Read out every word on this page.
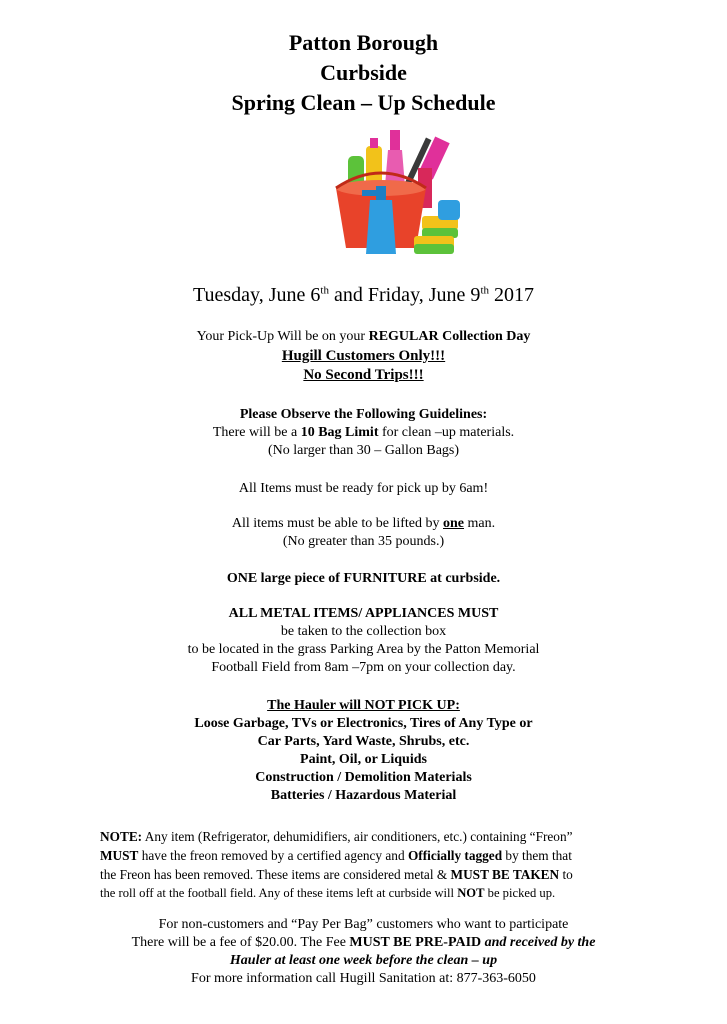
Patton Borough
Curbside
Spring Clean – Up Schedule
Tuesday, June 6th and Friday, June 9th 2017
Your Pick-Up Will be on your REGULAR Collection Day
Hugill Customers Only!!!
No Second Trips!!!
Please Observe the Following Guidelines:
There will be a 10 Bag Limit for clean –up materials.
(No larger than 30 – Gallon Bags)
All Items must be ready for pick up by 6am!
All items must be able to be lifted by one man.
(No greater than 35 pounds.)
ONE large piece of FURNITURE at curbside.
ALL METAL ITEMS/ APPLIANCES MUST
be taken to the collection box
to be located in the grass Parking Area by the Patton Memorial
Football Field from 8am –7pm on your collection day.
The Hauler will NOT PICK UP:
Loose Garbage, TVs or Electronics, Tires of Any Type or
Car Parts, Yard Waste, Shrubs, etc.
Paint, Oil, or Liquids
Construction / Demolition Materials
Batteries / Hazardous Material
NOTE: Any item (Refrigerator, dehumidifiers, air conditioners, etc.) containing “Freon”
MUST have the freon removed by a certified agency and Officially tagged by them that
the Freon has been removed. These items are considered metal & MUST BE TAKEN to
the roll off at the football field. Any of these items left at curbside will NOT be picked up.
For non-customers and “Pay Per Bag” customers who want to participate
There will be a fee of $20.00. The Fee MUST BE PRE-PAID and received by the
Hauler at least one week before the clean – up
For more information call Hugill Sanitation at: 877-363-6050
